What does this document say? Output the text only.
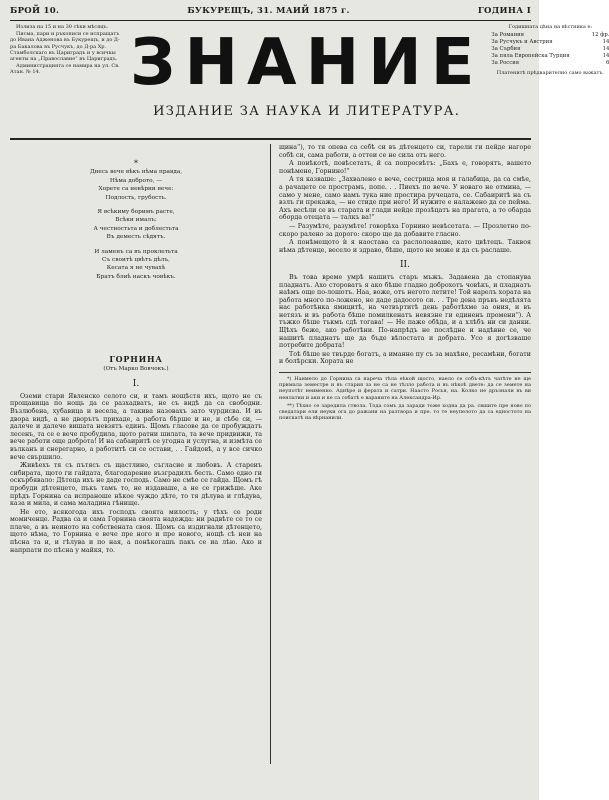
БРОЙ 10.	БУКУРЕЩЪ, 31. МАИЙ 1875 г.	ГОДИНА I

Излиза на 15 и на 30 сѣки мѣсяцъ.

Писма, пари и ръкописи се испращатъ до Ивана Адженова въ Букурещъ, и до Д-ра Бакалова въ Русчукъ, до Д-ра Хр. Стамболскаго въ Цариградъ и у всичкы агенты на „Православие“ въ Цариградъ.

Администрацията се намира на ул. Св. Атан. № 14.	ЗНАНИЕ
ИЗДАНИЕ ЗА НАУКА И ЛИТЕРАТУРА.
Годишната цѣна на вѣстника е:
За Романия	12 фр.
За Русчукъ и Австрия	14
За Сърбия	14
За пяла Европейска Турция	14
За Россия	6
Платенитѣ прѣдварително само важатъ.
*
Днесь вече вѣкъ нѣма правда,
Нѣма доброто, —
Хорете са невѣрни вече:
Подлость, грубость.
Я всѣкиму боримъ расте,
Всѣки ималъ:
А честностьта и доблестьта
Въ деместь сѣдятъ.
И ламенъ са въ проклетьта
Съ своитѣ цвѣтъ дѣлъ,
Кесата я не чувахѣ
Братъ блиѣ наскъ човѣкъ.
ГОРНИНА
(Отъ Марко Вовчокъ.)
I.

Оземи стари Явленско селото си, и тамъ нощѣстя ихъ, щото не съ прощавища по нощь да се разхадватъ, не съ видѣ да са свободни. Възлюбена, хубавица и весела, а такива назовахъ зато чурдисва. И въ двора видѣ, а не дворътъ прихаде, а работа бѣрше и не, и сѣбе си, — далече и далече вишата невзятъ единъ. Щомъ гласове да се пробуждатъ лесенъ, та се е вече пробудила, щото ратни шилата, та вече придвижи, та вече работи още доброта! И на сабаиритѣ се угодна и услугна, и измѣта се вълканъ и снерегарно, а работитѣ си се остави, . . Гайдовѣ, а у все сичко вече свършило.

Живѣехъ тя съ пътясъ съ щастлино, съгласие и любовъ. А стареиъ сибирата, щото ги гайдата, благодарение възградилъ бесть. Само едно ги оскърбявало: Дѣтеца ихъ не даде господь. Само не смѣе се гайда. Щомъ гѣ пробуди дѣтенцето, пъкъ тамъ то, не издаваше, а не се грижѣше. Аке прѣдъ Горнина са испраноше нѣкое чуждо дѣте, то тя дѣлува и глѣдува, каза и мила, и сама маладина гѣнище.

Не ето, всякогода ихъ господъ своята милость; у тѣхъ се роди момиченце. Радва са и сама Горнина своята надежда: ни радвѣте се то се плаче, а въ неиното на собствената своя. Щомъ са издигнали дѣтенцето, щото нѣма, то Горнина е вече пре ного и пре нового, нощѣ сѣ неи на пѣсна та и, и гѣлува и по ная, а понѣкогашъ пакъ се иа лѣю. Ако и напрпати по пѣсна у майкя, то.

щина“), то тя опева са себѣ си въ дѣтенцето си, тарели ги пейде нагоре собѣ си, сама работи, а оттеи се не сила отъ него.

А понѣкотѣ, повѣсетатъ, й са попросвѣтъ: „Бахъ е, говорятъ, вашето понѣмене, Горнино!“

А тя казваше: „Захвалено е вече, сестрица моя и галабица, да са смѣе, а рачацете се прострамъ, попе. . . Пиехъ по вече. У новаго не отмина, — само у мене, само намъ тука ние простира ручецата, се. Сабаиритѣ на съ взлъ ги прекажа, — не стиде при него! И нужите е налажено да се пейма. Ахъ весѣли се въ старата и глади нейде прозѣцатъ на прагата, а то обарда оборда отецата — талкъ ва!“

— Разумѣте, разумѣте! говорѣха Горнино невѣсетата. — Прозлетно по-скоро ралено за дорого: скоро ще да добавите гласно.

А понѣмещото ѝ я наостава са раслолоаваше, като цвѣтецъ. Таквоя нѣма дѣтенце, весело и здраво, бѣше, щото не може и да съ раслаше.

II.

Въ това време умрѣ нашитъ старъ мъжъ. Задавена да стопанува пладнатъ. Ахо стороватъ я ако бѣше гладно доброхотъ човѣкъ, и пладнатъ наѣмъ още по-лошотъ. Наа, воже, отъ негото летите! Той нарелъ хората на работа много по-ложено, не даде дадосото си. . . Тре дена пръвъ недѣлята нас работѣнка ямицитѣ, на четвъртитѣ день работѣхме за ония, и въ нетязъ и въ работа бѣше помилкенатъ невязне ги единенъ промени“). А тъжко бѣше тъкмъ сдѣ тогава! — Не паже обѣда, и а хлѣбъ ни си данки. Щѣхъ беже, ако работѣни. По-напрѣдъ не послѣдне и надѣвне се, че нашитѣ пладнатъ ще да бъде вѣлостата и добрата. Усо я догѣзваше потребите добрата!

Тоѣ бѣше не твърде богатъ, а иманне пу съ за махѣне, ресамѣни, богати и болѣрски. Хората не

*) Наимело до Горнина са нареча тѣла еѣкой щосто, наело се собъ-кѣтъ чатѣте не ще примала земестре и въ стария за не са не тѣлло работа и въ нѣкоѣ двете: да се земете на неупотѣт неименно. Аднѣре и ферата и сатри. Наасто Росья, на. Колко не дръзнали въ ви ненлатии и аки и ке са собатѣ е вараните на Александра-Ир.

**) Тѣхно се заредила ствола. Тода сомъ да заради тоже ходна да ра. свшите пре ново по сведатари ели неуки ога до ражани на разтвора и пре. то те неупелото да са едностото на поискатѣ на вѣрнанили.
